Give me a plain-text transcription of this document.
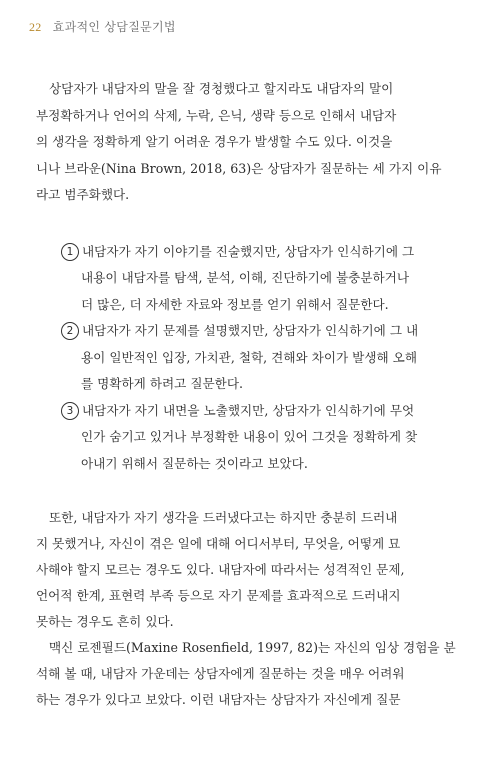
22 효과적인 상담질문기법

상담자가 내담자의 말을 잘 경청했다고 할지라도 내담자의 말이

부정확하거나 언어의 삭제, 누락, 은닉, 생략 등으로 인해서 내담자

의 생각을 정확하게 알기 어려운 경우가 발생할 수도 있다. 이것을

니나 브라운(Nina Brown, 2018, 63)은 상담자가 질문하는 세 가지 이유

라고 범주화했다.

1 내담자가 자기 이야기를 진술했지만, 상담자가 인식하기에 그
내용이 내담자를 탐색, 분석, 이해, 진단하기에 불충분하거나
더 많은, 더 자세한 자료와 정보를 얻기 위해서 질문한다.
2 내담자가 자기 문제를 설명했지만, 상담자가 인식하기에 그 내
용이 일반적인 입장, 가치관, 철학, 견해와 차이가 발생해 오해
를 명확하게 하려고 질문한다.
3 내담자가 자기 내면을 노출했지만, 상담자가 인식하기에 무엇
인가 숨기고 있거나 부정확한 내용이 있어 그것을 정확하게 찾
아내기 위해서 질문하는 것이라고 보았다.

또한, 내담자가 자기 생각을 드러냈다고는 하지만 충분히 드러내

지 못했거나, 자신이 겪은 일에 대해 어디서부터, 무엇을, 어떻게 묘

사해야 할지 모르는 경우도 있다. 내담자에 따라서는 성격적인 문제,

언어적 한계, 표현력 부족 등으로 자기 문제를 효과적으로 드러내지

못하는 경우도 흔히 있다.

맥신 로젠필드(Maxine Rosenfield, 1997, 82)는 자신의 임상 경험을 분

석해 볼 때, 내담자 가운데는 상담자에게 질문하는 것을 매우 어려워

하는 경우가 있다고 보았다. 이런 내담자는 상담자가 자신에게 질문
